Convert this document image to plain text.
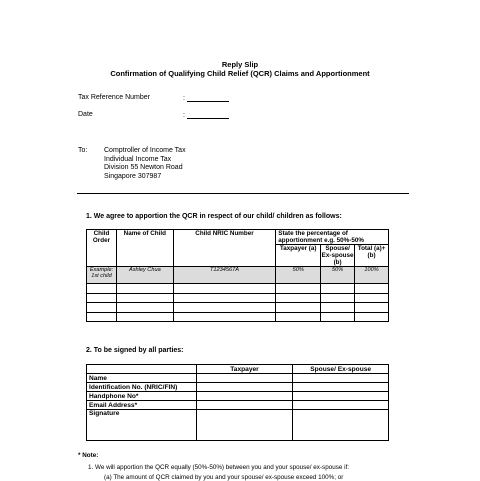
Reply Slip
Confirmation of Qualifying Child Relief (QCR) Claims and Apportionment
Tax Reference Number	:
Date	:
To: Comptroller of Income Tax
Individual Income Tax
Division 55 Newton Road
Singapore 307987
1. We agree to apportion the QCR in respect of our child/ children as follows:
Child Order	Name of Child	Child NRIC Number	State the percentage of apportionment e.g. 50%-50%		
			Taxpayer (a)	Spouse/ Ex-spouse (b)	Total (a)+(b)
Example: 1st child	Ashley Chua	T1234567A	50%	50%	100%

2. To be signed by all parties:
	Taxpayer	Spouse/ Ex-spouse
Name		
Identification No. (NRIC/FIN)		
Handphone No*		
Email Address*		
Signature		
* Note:
1. We will apportion the QCR equally (50%-50%) between you and your spouse/ ex-spouse if:
(a) The amount of QCR claimed by you and your spouse/ ex-spouse exceed 100%; or
